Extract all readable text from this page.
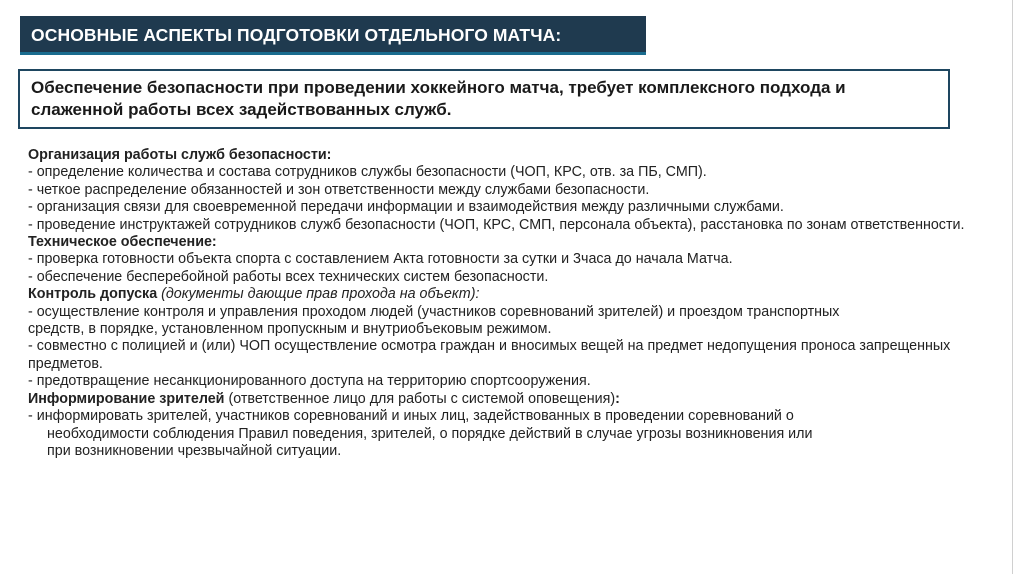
ОСНОВНЫЕ АСПЕКТЫ ПОДГОТОВКИ ОТДЕЛЬНОГО МАТЧА:
Обеспечение безопасности при проведении хоккейного матча, требует комплексного подхода и слаженной работы всех задействованных служб.
Организация работы служб безопасности:
- определение количества и состава сотрудников службы безопасности (ЧОП, КРС, отв. за ПБ, СМП).
- четкое распределение обязанностей и зон ответственности между службами безопасности.
- организация связи для своевременной передачи информации и взаимодействия между различными службами.
- проведение инструктажей сотрудников служб безопасности (ЧОП, КРС, СМП, персонала объекта), расстановка по зонам ответственности.
Техническое обеспечение:
- проверка готовности объекта спорта с составлением Акта готовности за сутки и 3часа до начала Матча.
- обеспечение бесперебойной работы всех технических систем безопасности.
Контроль допуска (документы дающие прав прохода на объект):
- осуществление контроля и управления проходом людей (участников соревнований зрителей) и проездом транспортных средств, в порядке, установленном пропускным и внутриобъековым режимом.
- совместно с полицией и (или) ЧОП осуществление осмотра граждан и вносимых вещей на предмет недопущения проноса запрещенных предметов.
- предотвращение несанкционированного доступа на территорию спортсооружения.
Информирование зрителей (ответственное лицо для работы с системой оповещения):
- информировать зрителей, участников соревнований и иных лиц, задействованных в проведении соревнований о
необходимости соблюдения Правил поведения, зрителей, о порядке действий в случае угрозы возникновения или
при возникновении чрезвычайной ситуации.
